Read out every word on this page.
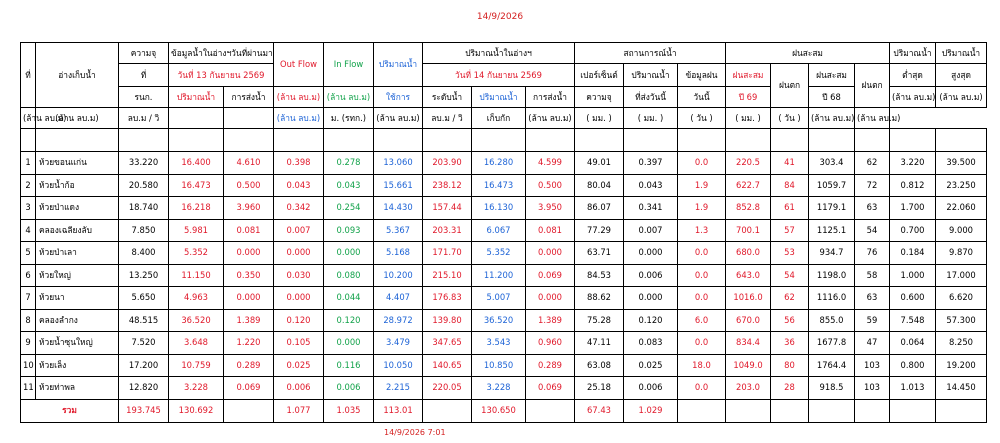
14/9/2026
ที่	อ่างเก็บน้ำ	ความจุ	ข้อมูลน้ำในอ่างฯวันที่ผ่านมา		Out Flow	In Flow	ปริมาณน้ำ	ปริมาณน้ำในอ่างฯ			สถานการณ์น้ำ			ฝนสะสม				ปริมาณน้ำ	ปริมาณน้ำ
		ที่	วันที่ 13 กันยายน 2569					วันที่ 14 กันยายน 2569			เปอร์เซ็นต์	ปริมาณน้ำ	ข้อมูลฝน	ฝนสะสม	ฝนตก	ฝนสะสม	ฝนตก	ต่ำสุด	สูงสุด
		รนก.	ปริมาณน้ำ	การส่งน้ำ	(ล้าน ลบ.ม)	(ล้าน ลบ.ม)	ใช้การ	ระดับน้ำ	ปริมาณน้ำ	การส่งน้ำ	ความจุ	ที่ส่งวันนี้	วันนี้	ปี 69		ปี 68		(ล้าน ลบ.ม)	(ล้าน ลบ.ม)
(ล้าน ลบ.ม)	(ล้าน ลบ.ม)	ลบ.ม / วิ			(ล้าน ลบ.ม)	ม. (รทก.)	(ล้าน ลบ.ม)	ลบ.ม / วิ	เก็บกัก	(ล้าน ลบ.ม)	( มม. )	( มม. )	( วัน )	( มม. )	( วัน )	(ล้าน ลบ.ม)	(ล้าน ลบ.ม)		

1	ห้วยขอนแก่น	33.220	16.400	4.610	0.398	0.278	13.060	203.90	16.280	4.599	49.01	0.397	0.0	220.5	41	303.4	62	3.220	39.500
2	ห้วยน้ำก้อ	20.580	16.473	0.500	0.043	0.043	15.661	238.12	16.473	0.500	80.04	0.043	1.9	622.7	84	1059.7	72	0.812	23.250
3	ห้วยป่าแดง	18.740	16.218	3.960	0.342	0.254	14.430	157.44	16.130	3.950	86.07	0.341	1.9	852.8	61	1179.1	63	1.700	22.060
4	คลองเฉลียงลับ	7.850	5.981	0.081	0.007	0.093	5.367	203.31	6.067	0.081	77.29	0.007	1.3	700.1	57	1125.1	54	0.700	9.000
5	ห้วยป่าเลา	8.400	5.352	0.000	0.000	0.000	5.168	171.70	5.352	0.000	63.71	0.000	0.0	680.0	53	934.7	76	0.184	9.870
6	ห้วยใหญ่	13.250	11.150	0.350	0.030	0.080	10.200	215.10	11.200	0.069	84.53	0.006	0.0	643.0	54	1198.0	58	1.000	17.000
7	ห้วยนา	5.650	4.963	0.000	0.000	0.044	4.407	176.83	5.007	0.000	88.62	0.000	0.0	1016.0	62	1116.0	63	0.600	6.620
8	คลองลำกง	48.515	36.520	1.389	0.120	0.120	28.972	139.80	36.520	1.389	75.28	0.120	6.0	670.0	56	855.0	59	7.548	57.300
9	ห้วยน้ำซุนใหญ่	7.520	3.648	1.220	0.105	0.000	3.479	347.65	3.543	0.960	47.11	0.083	0.0	834.4	36	1677.8	47	0.064	8.250
10	ห้วยเล็ง	17.200	10.759	0.289	0.025	0.116	10.050	140.65	10.850	0.289	63.08	0.025	18.0	1049.0	80	1764.4	103	0.800	19.200
11	ห้วยท่าพล	12.820	3.228	0.069	0.006	0.006	2.215	220.05	3.228	0.069	25.18	0.006	0.0	203.0	28	918.5	103	1.013	14.450
รวม		193.745	130.692		1.077	1.035	113.01		130.650		67.43	1.029							
14/9/2026 7:01
